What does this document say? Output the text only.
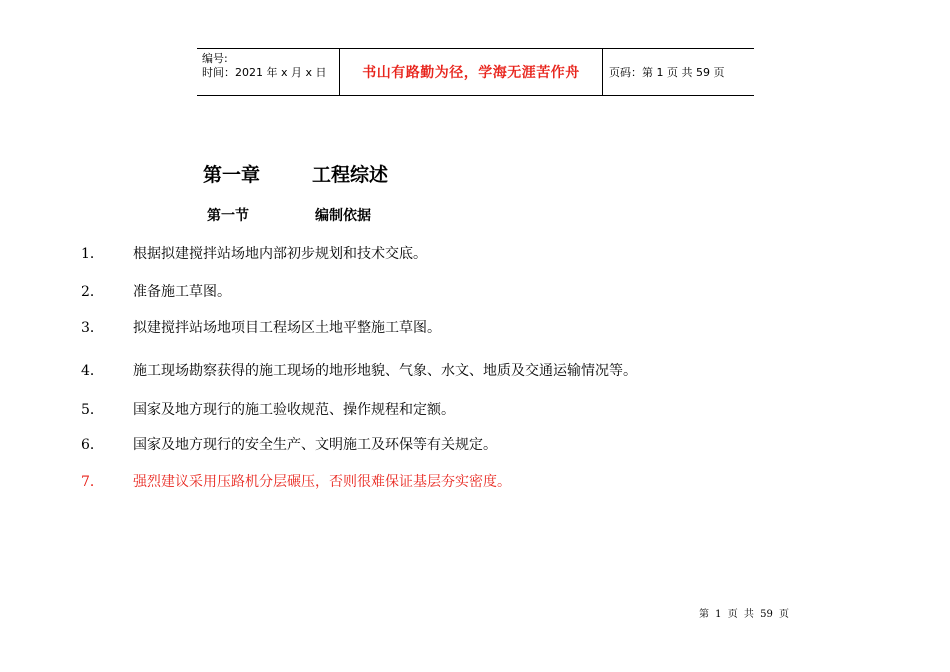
编号:
时间：2021 年 x 月 x 日	书山有路勤为径，学海无涯苦作舟	页码：第 1 页 共 59 页
第一章	工程综述
第一节	编制依据
1．	根据拟建搅拌站场地内部初步规划和技术交底。
2．	准备施工草图。
3．	拟建搅拌站场地项目工程场区土地平整施工草图。
4．	施工现场勘察获得的施工现场的地形地貌、气象、水文、地质及交通运输情况等。
5．	国家及地方现行的施工验收规范、操作规程和定额。
6．	国家及地方现行的安全生产、文明施工及环保等有关规定。
7．	强烈建议采用压路机分层碾压，否则很难保证基层夯实密度。
第 1 页 共 59 页
